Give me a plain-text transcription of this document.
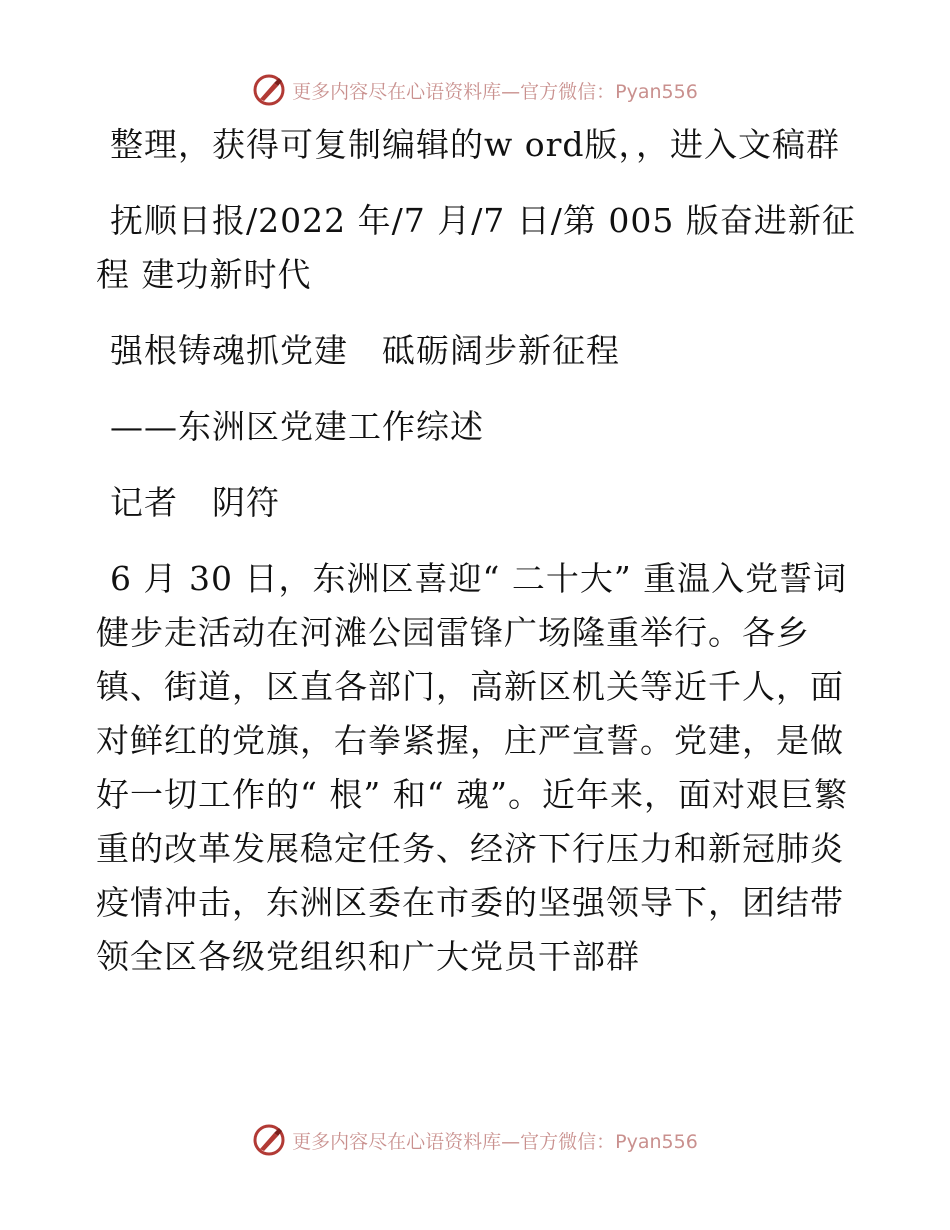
更多内容尽在心语资料库—官方微信：Pyan556

整理，获得可复制编辑的w ord版，，进入文稿群

抚顺日报/2022 年/7 月/7 日/第 005 版奋进新征程 建功新时代

强根铸魂抓党建　砥砺阔步新征程

——东洲区党建工作综述

记者　阴符

6 月 30 日，东洲区喜迎“ 二十大” 重温入党誓词健步走活动在河滩公园雷锋广场隆重举行。各乡镇、街道，区直各部门，高新区机关等近千人，面对鲜红的党旗，右拳紧握，庄严宣誓。党建，是做好一切工作的“ 根” 和“ 魂”。近年来，面对艰巨繁重的改革发展稳定任务、经济下行压力和新冠肺炎疫情冲击，东洲区委在市委的坚强领导下，团结带领全区各级党组织和广大党员干部群

更多内容尽在心语资料库—官方微信：Pyan556
